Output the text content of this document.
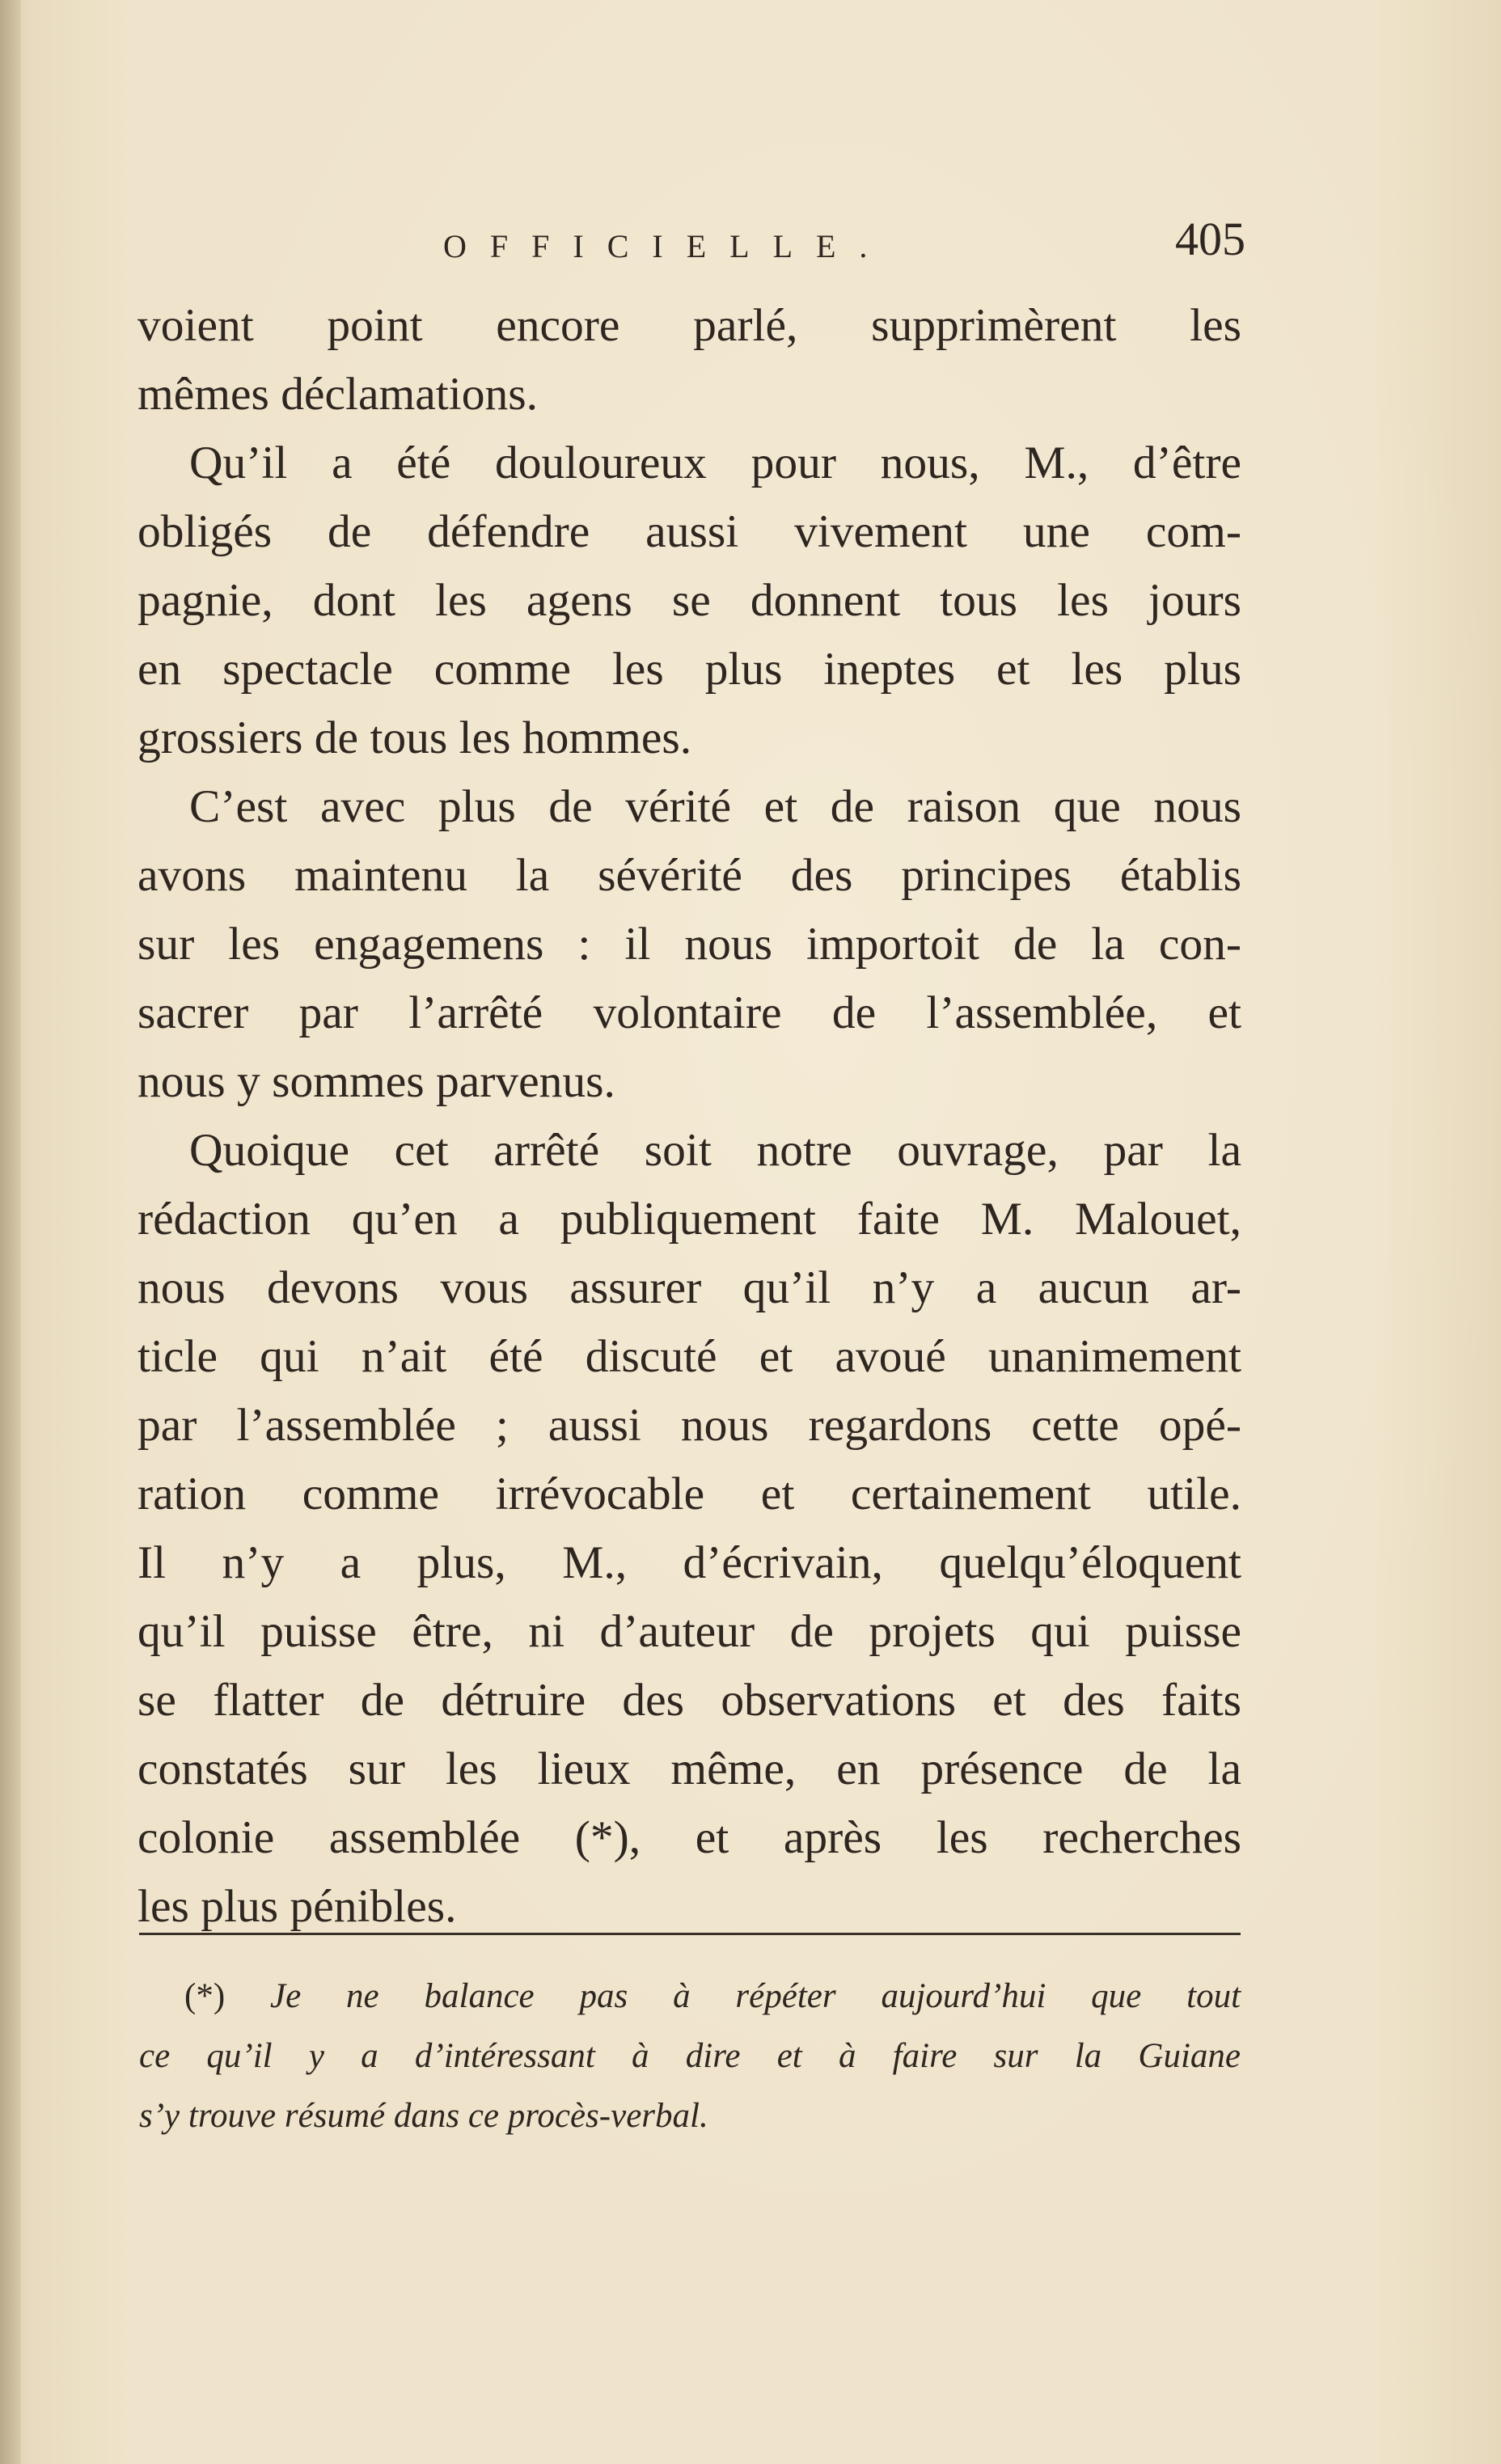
OFFICIELLE.	405
voient point encore parlé, supprimèrent les
mêmes déclamations.
Qu’il a été douloureux pour nous, M., d’être
obligés de défendre aussi vivement une com-
pagnie, dont les agens se donnent tous les jours
en spectacle comme les plus ineptes et les plus
grossiers de tous les hommes.
C’est avec plus de vérité et de raison que nous
avons maintenu la sévérité des principes établis
sur les engagemens : il nous importoit de la con-
sacrer par l’arrêté volontaire de l’assemblée, et
nous y sommes parvenus.
Quoique cet arrêté soit notre ouvrage, par la
rédaction qu’en a publiquement faite M. Malouet,
nous devons vous assurer qu’il n’y a aucun ar-
ticle qui n’ait été discuté et avoué unanimement
par l’assemblée ; aussi nous regardons cette opé-
ration comme irrévocable et certainement utile.
Il n’y a plus, M., d’écrivain, quelqu’éloquent
qu’il puisse être, ni d’auteur de projets qui puisse
se flatter de détruire des observations et des faits
constatés sur les lieux même, en présence de la
colonie assemblée (*), et après les recherches
les plus pénibles.
(*) Je ne balance pas à répéter aujourd’hui que tout
ce qu’il y a d’intéressant à dire et à faire sur la Guiane
s’y trouve résumé dans ce procès-verbal.
